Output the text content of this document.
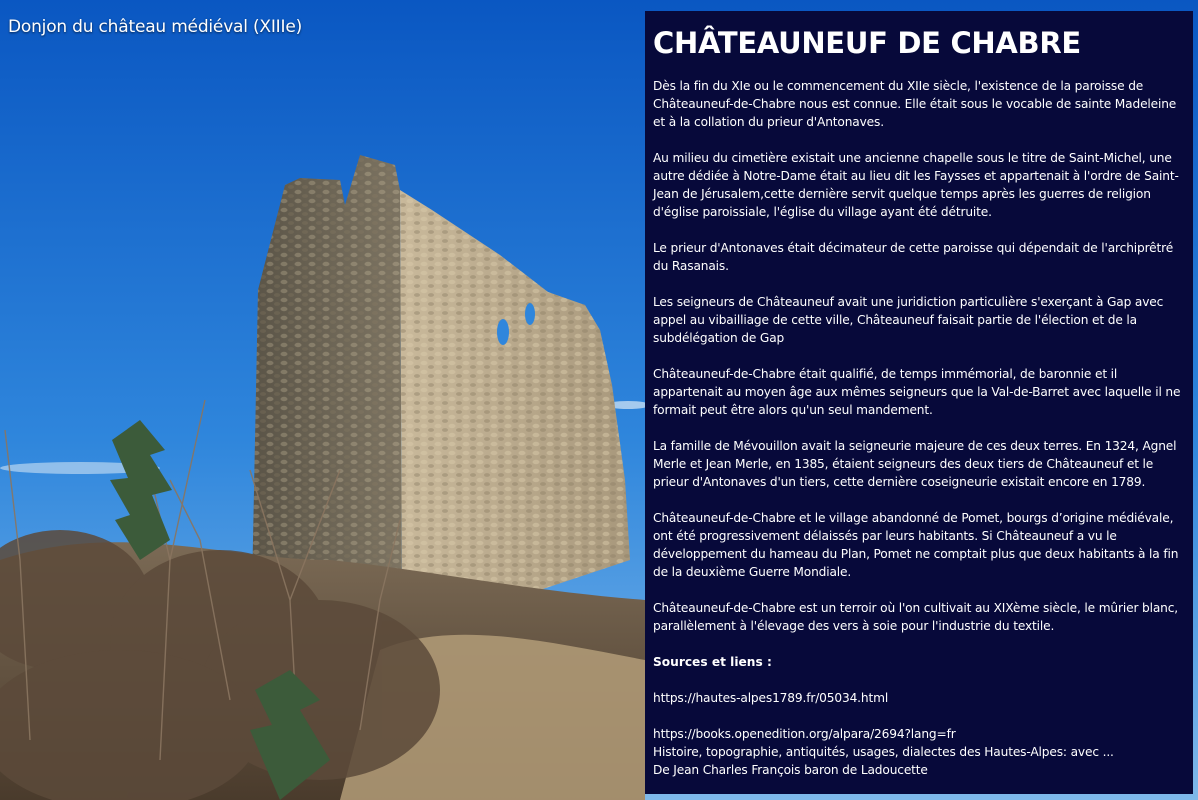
Donjon du château médiéval (XIIIe)	CHÂTEAUNEUF DE CHABRE

Dès la fin du XIe ou le commencement du XIIe siècle, l'existence de la paroisse de Châteauneuf-de-Chabre nous est connue. Elle était sous le vocable de sainte Madeleine et à la collation du prieur d'Antonaves.

Au milieu du cimetière existait une ancienne chapelle sous le titre de Saint-Michel, une autre dédiée à Notre-Dame était au lieu dit les Faysses et appartenait à l'ordre de Saint-Jean de Jérusalem,cette dernière servit quelque temps après les guerres de religion d'église paroissiale, l'église du village ayant été détruite.

Le prieur d'Antonaves était décimateur de cette paroisse qui dépendait de l'archiprêtré du Rasanais.

Les seigneurs de Châteauneuf avait une juridiction particulière s'exerçant à Gap avec appel au vibailliage de cette ville, Châteauneuf faisait partie de l'élection et de la subdélégation de Gap

Châteauneuf-de-Chabre était qualifié, de temps immémorial, de baronnie et il appartenait au moyen âge aux mêmes seigneurs que la Val-de-Barret avec laquelle il ne formait peut être alors qu'un seul mandement.

La famille de Mévouillon avait la seigneurie majeure de ces deux terres. En 1324, Agnel Merle et Jean Merle, en 1385, étaient seigneurs des deux tiers de Châteauneuf et le prieur d'Antonaves d'un tiers, cette dernière coseigneurie existait encore en 1789.

Châteauneuf-de-Chabre et le village abandonné de Pomet, bourgs d’origine médiévale, ont été progressivement délaissés par leurs habitants. Si Châteauneuf a vu le développement du hameau du Plan, Pomet ne comptait plus que deux habitants à la fin de la deuxième Guerre Mondiale.

Châteauneuf-de-Chabre est un terroir où l'on cultivait au XIXème siècle, le mûrier blanc, parallèlement à l'élevage des vers à soie pour l'industrie du textile.

Sources et liens :

https://hautes-alpes1789.fr/05034.html

https://books.openedition.org/alpara/2694?lang=fr

Histoire, topographie, antiquités, usages, dialectes des Hautes-Alpes: avec ...

De Jean Charles François baron de Ladoucette
